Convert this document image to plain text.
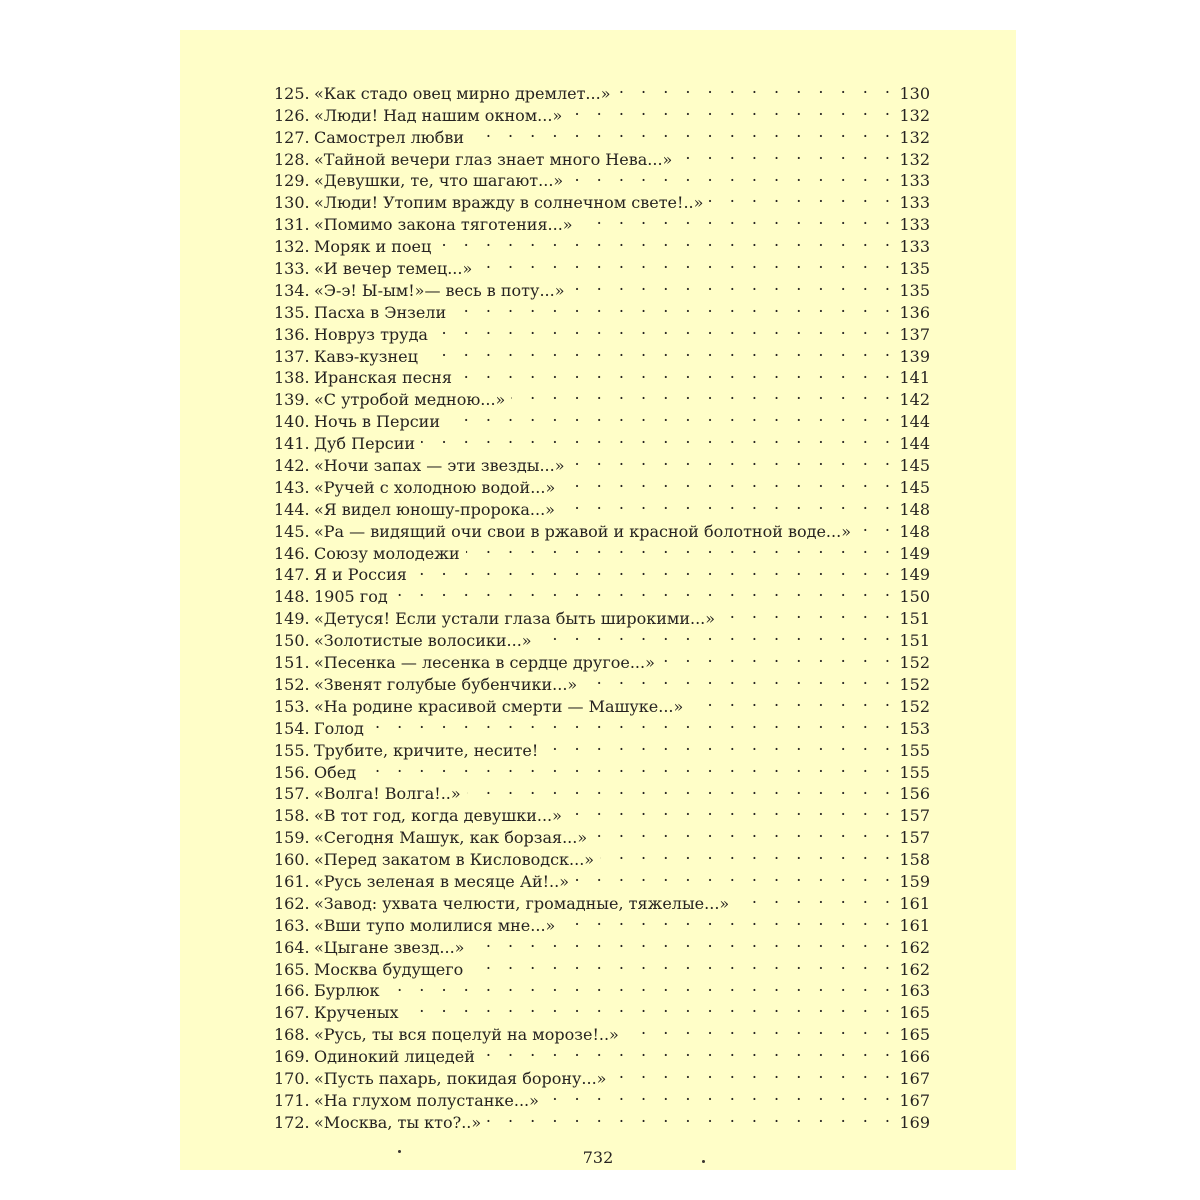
125. «Как стадо овец мирно дремлет...» . . .	130
126. «Люди! Над нашим окном...» . . .	132
127. Самострел любви . . .	132
128. «Тайной вечери глаз знает много Нева...» . . .	132
129. «Девушки, те, что шагают...» . . .	133
130. «Люди! Утопим вражду в солнечном свете!..» . . .	133
131. «Помимо закона тяготения...» . . .	133
132. Моряк и поец . . .	133
133. «И вечер темец...» . . .	135
134. «Э-э! Ы-ым!»— весь в поту...» . . .	135
135. Пасха в Энзели . . .	136
136. Новруз труда . . .	137
137. Кавэ-кузнец . . .	139
138. Иранская песня . . .	141
139. «С утробой медною...» . . .	142
140. Ночь в Персии . . .	144
141. Дуб Персии . . .	144
142. «Ночи запах — эти звезды...» . . .	145
143. «Ручей с холодною водой...» . . .	145
144. «Я видел юношу-пророка...» . . .	148
145. «Ра — видящий очи свои в ржавой и красной болотной воде...» . . .	148
146. Союзу молодежи . . .	149
147. Я и Россия . . .	149
148. 1905 год . . .	150
149. «Детуся! Если устали глаза быть широкими...» . . .	151
150. «Золотистые волосики...» . . .	151
151. «Песенка — лесенка в сердце другое...» . . .	152
152. «Звенят голубые бубенчики...» . . .	152
153. «На родине красивой смерти — Машуке...» . . .	152
154. Голод . . .	153
155. Трубите, кричите, несите! . . .	155
156. Обед . . .	155
157. «Волга! Волга!..» . . .	156
158. «В тот год, когда девушки...» . . .	157
159. «Сегодня Машук, как борзая...» . . .	157
160. «Перед закатом в Кисловодск...» . . .	158
161. «Русь зеленая в месяце Ай!..» . . .	159
162. «Завод: ухвата челюсти, громадные, тяжелые...» . . .	161
163. «Вши тупо молилися мне...» . . .	161
164. «Цыгане звезд...» . . .	162
165. Москва будущего . . .	162
166. Бурлюк . . .	163
167. Крученых . . .	165
168. «Русь, ты вся поцелуй на морозе!..» . . .	165
169. Одинокий лицедей . . .	166
170. «Пусть пахарь, покидая борону...» . . .	167
171. «На глухом полустанке...» . . .	167
172. «Москва, ты кто?..» . . .	169
732
